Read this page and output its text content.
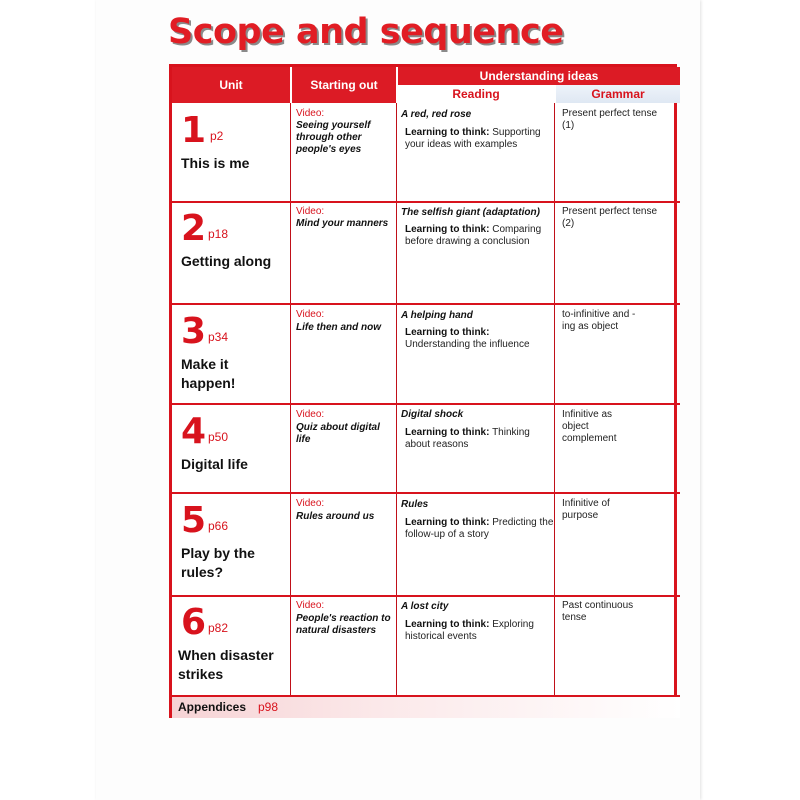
Scope and sequence
Unit	Starting out
Understanding ideas
Reading	Grammar
1 p2
This is me
Video:
Seeing yourself through other people's eyes
A red, red rose
Learning to think: Supporting your ideas with examples
Present perfect tense (1)
2 p18
Getting along
Video:
Mind your manners
The selfish giant (adaptation)
Learning to think: Comparing before drawing a conclusion
Present perfect tense (2)
3 p34
Make it happen!
Video:
Life then and now
A helping hand
Learning to think: Understanding the influence
to-infinitive and -ing as object
4 p50
Digital life
Video:
Quiz about digital life
Digital shock
Learning to think: Thinking about reasons
Infinitive as object complement
5 p66
Play by the rules?
Video:
Rules around us
Rules
Learning to think: Predicting the follow-up of a story
Infinitive of purpose
6 p82
When disaster strikes
Video:
People's reaction to natural disasters
A lost city
Learning to think: Exploring historical events
Past continuous tense
Appendices p98
